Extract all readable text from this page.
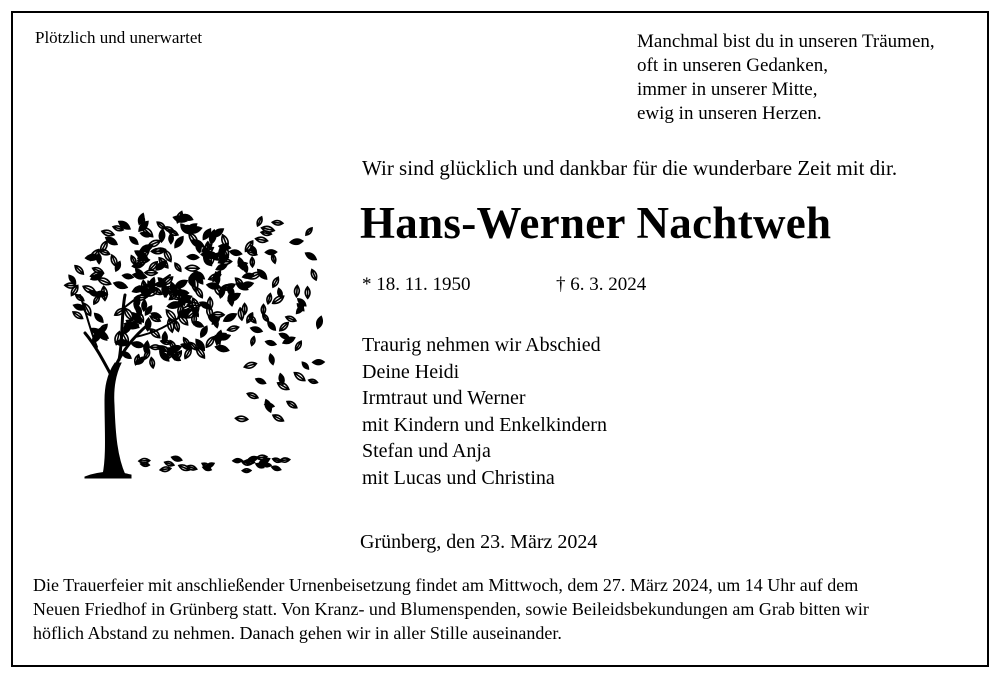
Plötzlich und unerwartet	Manchmal bist du in unseren Träumen,
oft in unseren Gedanken,
immer in unserer Mitte,
ewig in unseren Herzen.
Wir sind glücklich und dankbar für die wunderbare Zeit mit dir.
Hans-Werner Nachtweh
* 18. 11. 1950	† 6. 3. 2024
Traurig nehmen wir Abschied
Deine Heidi
Irmtraut und Werner
mit Kindern und Enkelkindern
Stefan und Anja
mit Lucas und Christina
Grünberg, den 23. März 2024
Die Trauerfeier mit anschließender Urnenbeisetzung findet am Mittwoch, dem 27. März 2024, um 14 Uhr auf dem
Neuen Friedhof in Grünberg statt. Von Kranz- und Blumenspenden, sowie Beileidsbekundungen am Grab bitten wir
höflich Abstand zu nehmen. Danach gehen wir in aller Stille auseinander.
